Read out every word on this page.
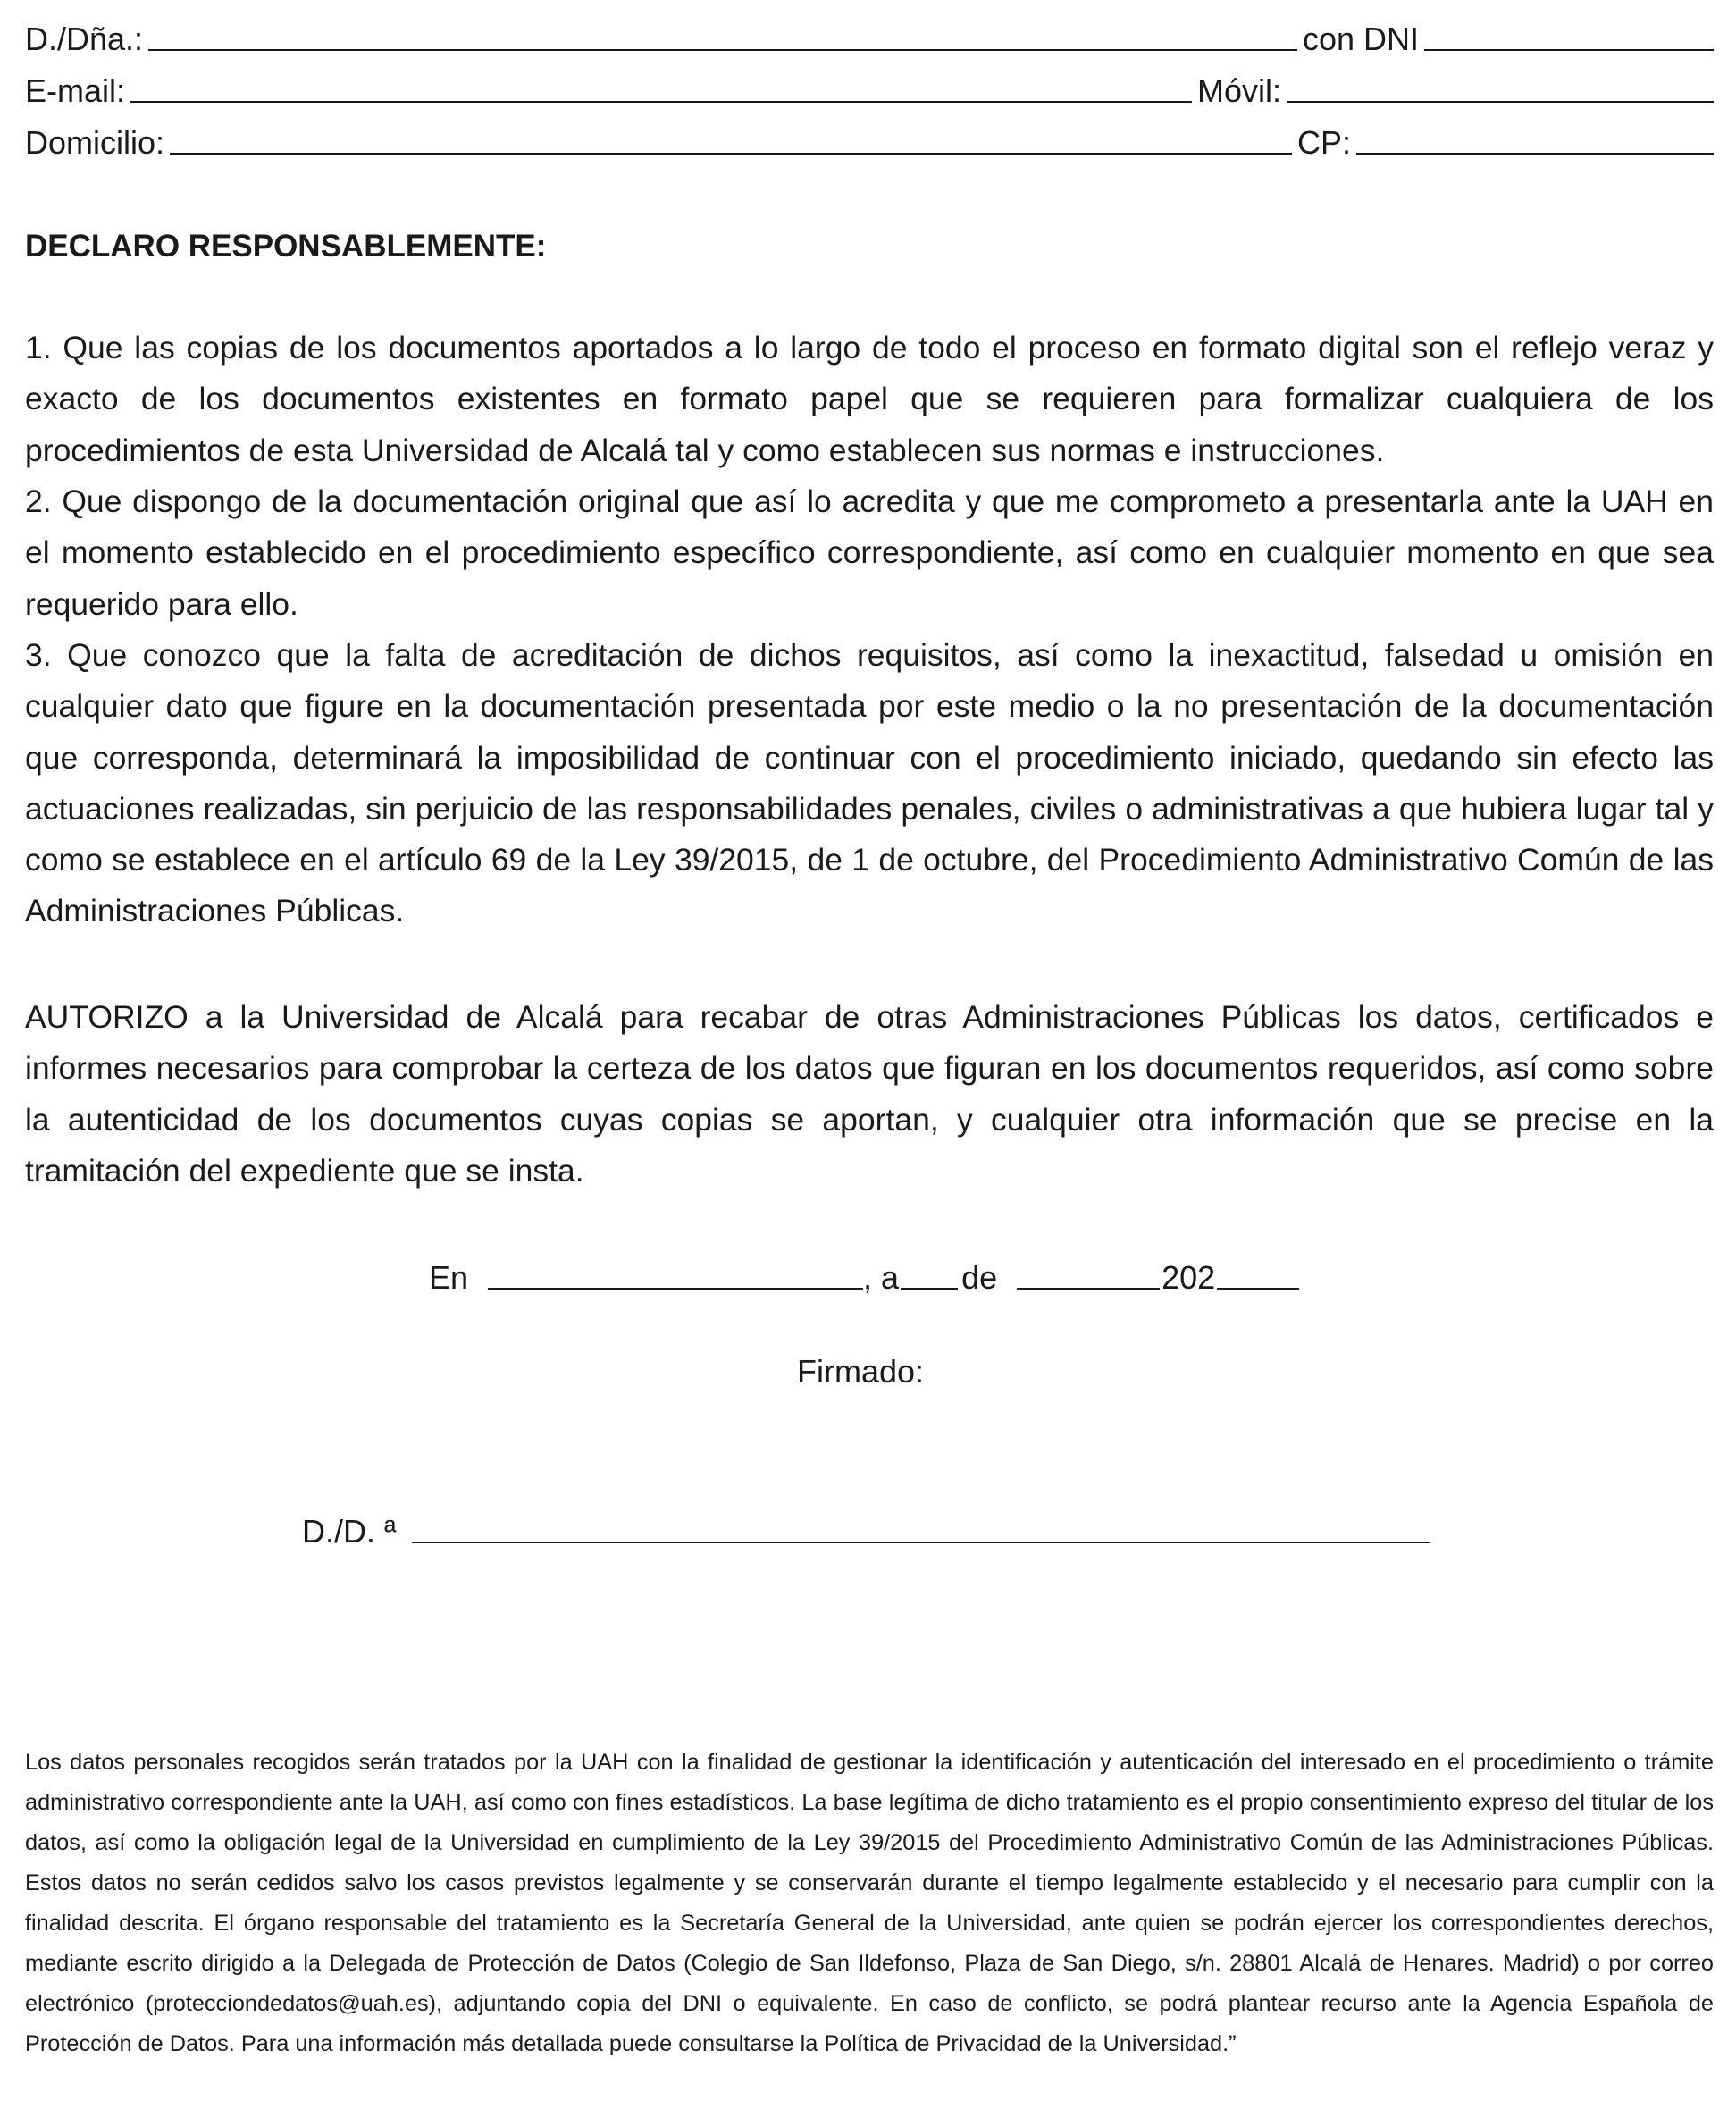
D./Dña.:	con DNI
E-mail:	Móvil:
Domicilio:	CP:
DECLARO RESPONSABLEMENTE:

1. Que las copias de los documentos aportados a lo largo de todo el proceso en formato digital son el reflejo veraz y exacto de los documentos existentes en formato papel que se requieren para formalizar cualquiera de los procedimientos de esta Universidad de Alcalá tal y como establecen sus normas e instrucciones.

2. Que dispongo de la documentación original que así lo acredita y que me comprometo a presentarla ante la UAH en el momento establecido en el procedimiento específico correspondiente, así como en cualquier momento en que sea requerido para ello.

3. Que conozco que la falta de acreditación de dichos requisitos, así como la inexactitud, falsedad u omisión en cualquier dato que figure en la documentación presentada por este medio o la no presentación de la documentación que corresponda, determinará la imposibilidad de continuar con el procedimiento iniciado, quedando sin efecto las actuaciones realizadas, sin perjuicio de las responsabilidades penales, civiles o administrativas a que hubiera lugar tal y como se establece en el artículo 69 de la Ley 39/2015, de 1 de octubre, del Procedimiento Administrativo Común de las Administraciones Públicas.

AUTORIZO a la Universidad de Alcalá para recabar de otras Administraciones Públicas los datos, certificados e informes necesarios para comprobar la certeza de los datos que figuran en los documentos requeridos, así como sobre la autenticidad de los documentos cuyas copias se aportan, y cualquier otra información que se precise en la tramitación del expediente que se insta.

En	, a de	202
Firmado:
D./D. ª

Los datos personales recogidos serán tratados por la UAH con la finalidad de gestionar la identificación y autenticación del interesado en el procedimiento o trámite administrativo correspondiente ante la UAH, así como con fines estadísticos. La base legítima de dicho tratamiento es el propio consentimiento expreso del titular de los datos, así como la obligación legal de la Universidad en cumplimiento de la Ley 39/2015 del Procedimiento Administrativo Común de las Administraciones Públicas. Estos datos no serán cedidos salvo los casos previstos legalmente y se conservarán durante el tiempo legalmente establecido y el necesario para cumplir con la finalidad descrita. El órgano responsable del tratamiento es la Secretaría General de la Universidad, ante quien se podrán ejercer los correspondientes derechos, mediante escrito dirigido a la Delegada de Protección de Datos (Colegio de San Ildefonso, Plaza de San Diego, s/n. 28801 Alcalá de Henares. Madrid) o por correo electrónico (protecciondedatos@uah.es), adjuntando copia del DNI o equivalente. En caso de conflicto, se podrá plantear recurso ante la Agencia Española de Protección de Datos. Para una información más detallada puede consultarse la Política de Privacidad de la Universidad.”
